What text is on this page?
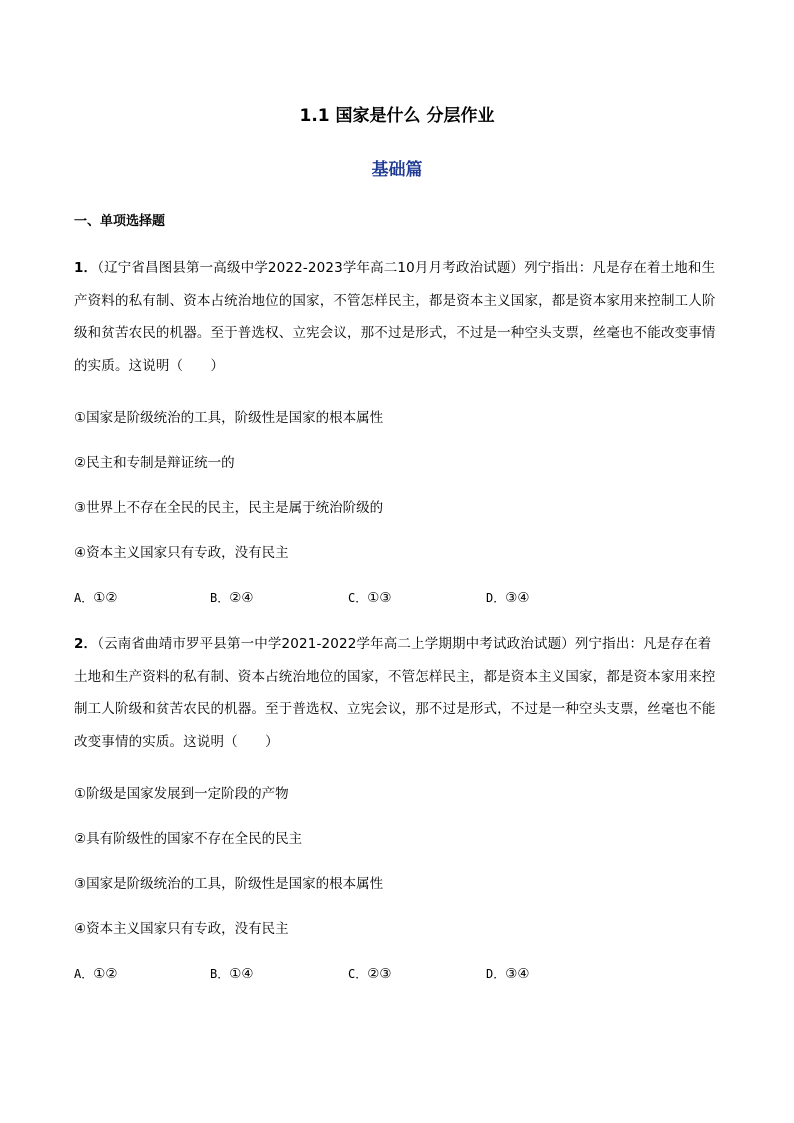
1.1 国家是什么 分层作业
基础篇
一、单项选择题
1．（辽宁省昌图县第一高级中学2022-2023学年高二10月月考政治试题）列宁指出：凡是存在着土地和生产资料的私有制、资本占统治地位的国家，不管怎样民主，都是资本主义国家，都是资本家用来控制工人阶级和贫苦农民的机器。至于普选权、立宪会议，那不过是形式，不过是一种空头支票，丝毫也不能改变事情的实质。这说明（　　）
①国家是阶级统治的工具，阶级性是国家的根本属性
②民主和专制是辩证统一的
③世界上不存在全民的民主，民主是属于统治阶级的
④资本主义国家只有专政，没有民主
A．①②	B．②④	C．①③	D．③④
2．（云南省曲靖市罗平县第一中学2021-2022学年高二上学期期中考试政治试题）列宁指出：凡是存在着土地和生产资料的私有制、资本占统治地位的国家，不管怎样民主，都是资本主义国家，都是资本家用来控制工人阶级和贫苦农民的机器。至于普选权、立宪会议，那不过是形式，不过是一种空头支票，丝毫也不能改变事情的实质。这说明（　　）
①阶级是国家发展到一定阶段的产物
②具有阶级性的国家不存在全民的民主
③国家是阶级统治的工具，阶级性是国家的根本属性
④资本主义国家只有专政，没有民主
A．①②	B．①④	C．②③	D．③④
